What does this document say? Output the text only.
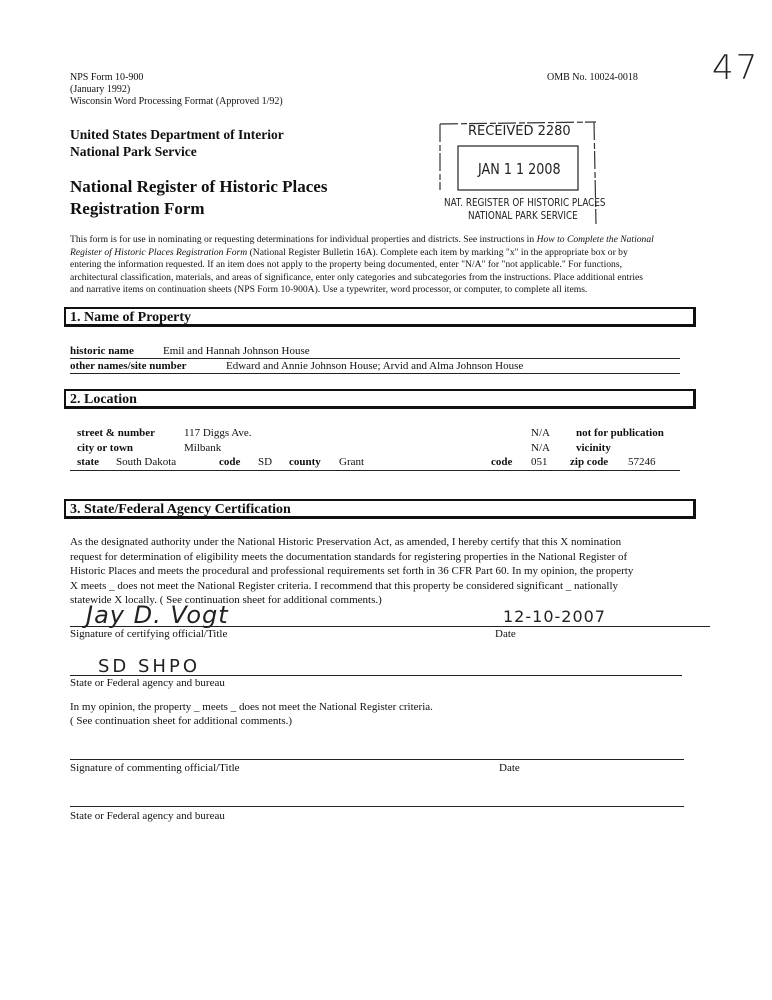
47
NPS Form 10-900
(January 1992)
Wisconsin Word Processing Format (Approved 1/92)
OMB No. 10024-0018
United States Department of Interior
National Park Service
National Register of Historic Places
Registration Form
RECEIVED 2280
JAN 1 1 2008
NAT. REGISTER OF HISTORIC PLACES
NATIONAL PARK SERVICE
This form is for use in nominating or requesting determinations for individual properties and districts. See instructions in How to Complete the National
Register of Historic Places Registration Form (National Register Bulletin 16A). Complete each item by marking "x" in the appropriate box or by
entering the information requested. If an item does not apply to the property being documented, enter "N/A" for "not applicable." For functions,
architectural classification, materials, and areas of significance, enter only categories and subcategories from the instructions. Place additional entries
and narrative items on continuation sheets (NPS Form 10-900A). Use a typewriter, word processor, or computer, to complete all items.
1. Name of Property
historic name	Emil and Hannah Johnson House
other names/site number	Edward and Annie Johnson House; Arvid and Alma Johnson House
2. Location
street & number	117 Diggs Ave.	N/A not for publication
city or town	Milbank	N/A vicinity
state South Dakota	code SD county Grant	code 051 zip code 57246
3. State/Federal Agency Certification
As the designated authority under the National Historic Preservation Act, as amended, I hereby certify that this X nomination
request for determination of eligibility meets the documentation standards for registering properties in the National Register of
Historic Places and meets the procedural and professional requirements set forth in 36 CFR Part 60. In my opinion, the property
X meets _ does not meet the National Register criteria. I recommend that this property be considered significant _ nationally
statewide X locally. ( See continuation sheet for additional comments.)
Jay D. Vogt	12-10-2007
Signature of certifying official/Title	Date
SD SHPO
State or Federal agency and bureau
In my opinion, the property _ meets _ does not meet the National Register criteria.
( See continuation sheet for additional comments.)
Signature of commenting official/Title	Date
State or Federal agency and bureau
